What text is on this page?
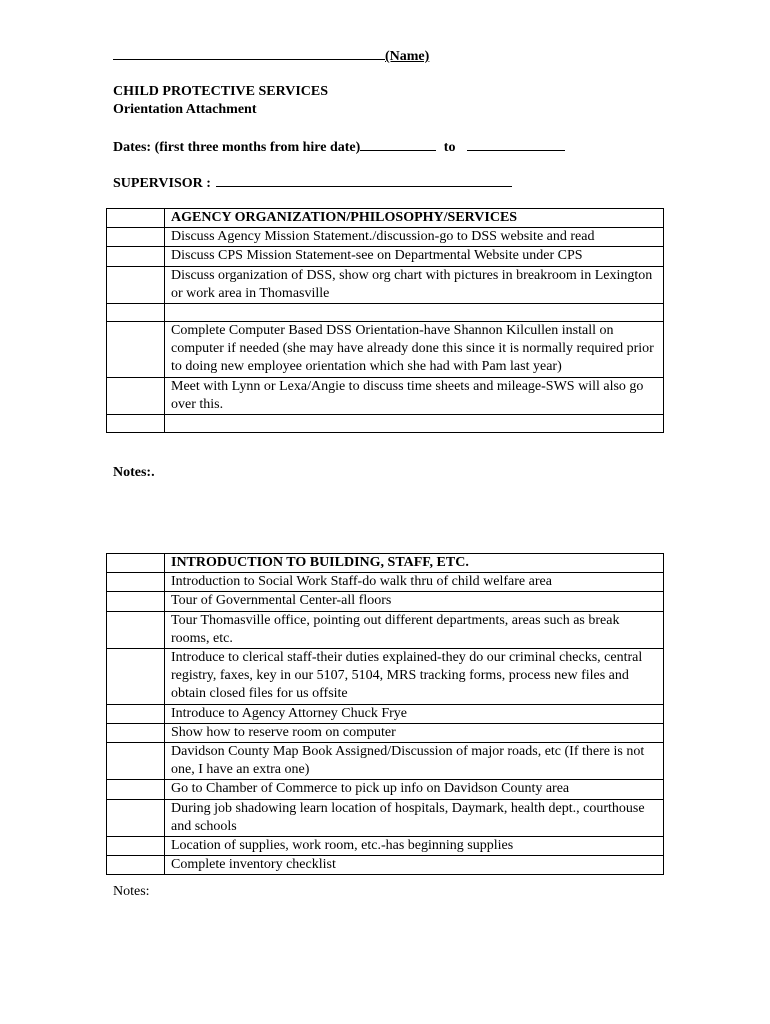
(Name)
CHILD PROTECTIVE SERVICES
Orientation Attachment
Dates: (first three months from hire date)	to
SUPERVISOR :
	AGENCY ORGANIZATION/PHILOSOPHY/SERVICES
	Discuss Agency Mission Statement./discussion-go to DSS website and read
	Discuss CPS Mission Statement-see on Departmental Website under CPS
	Discuss organization of DSS, show org chart with pictures in breakroom in Lexington or work area in Thomasville

	Complete Computer Based DSS Orientation-have Shannon Kilcullen install on computer if needed (she may have already done this since it is normally required prior to doing new employee orientation which she had with Pam last year)
	Meet with Lynn or Lexa/Angie to discuss time sheets and mileage-SWS will also go over this.

Notes:.
	INTRODUCTION TO BUILDING, STAFF, ETC.
	Introduction to Social Work Staff-do walk thru of child welfare area
	Tour of Governmental Center-all floors
	Tour Thomasville office, pointing out different departments, areas such as break rooms, etc.
	Introduce to clerical staff-their duties explained-they do our criminal checks, central registry, faxes, key in our 5107, 5104, MRS tracking forms, process new files and obtain closed files for us offsite
	Introduce to Agency Attorney Chuck Frye
	Show how to reserve room on computer
	Davidson County Map Book Assigned/Discussion of major roads, etc (If there is not one, I have an extra one)
	Go to Chamber of Commerce to pick up info on Davidson County area
	During job shadowing learn location of hospitals, Daymark, health dept., courthouse and schools
	Location of supplies, work room, etc.-has beginning supplies
	Complete inventory checklist
Notes:
